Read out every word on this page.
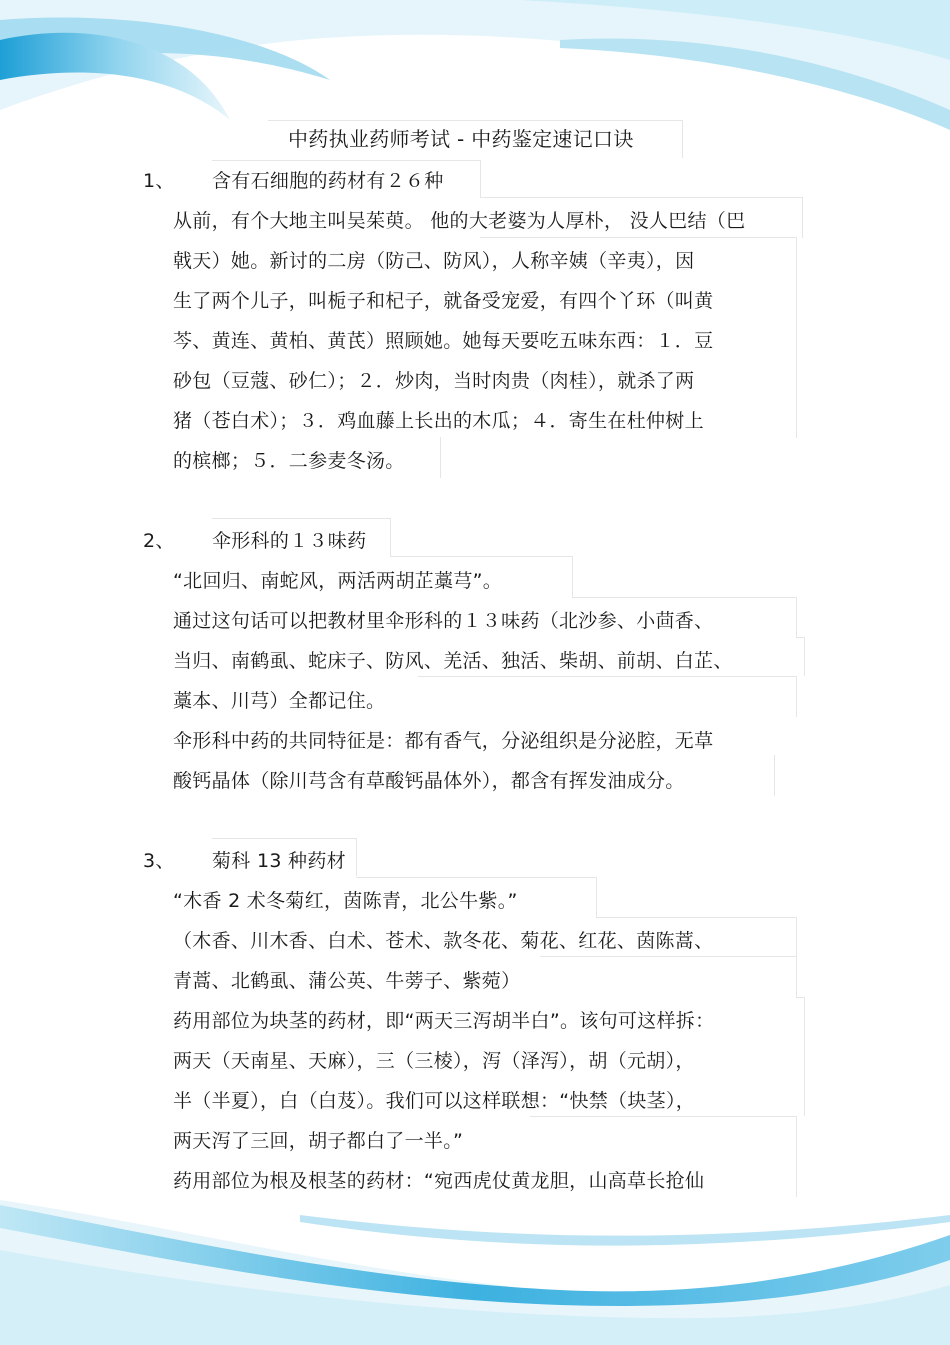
中药执业药师考试 - 中药鉴定速记口诀
1、 含有石细胞的药材有２６种
从前，有个大地主叫吴茱萸。 他的大老婆为人厚朴， 没人巴结（巴
戟天）她。新讨的二房（防己、防风），人称辛姨（辛夷），因
生了两个儿子，叫栀子和杞子，就备受宠爱，有四个丫环（叫黄
芩、黄连、黄柏、黄芪）照顾她。她每天要吃五味东西：１．豆
砂包（豆蔻、砂仁）；２．炒肉，当时肉贵（肉桂），就杀了两
猪（苍白术）；３．鸡血藤上长出的木瓜；４．寄生在杜仲树上
的槟榔；５．二参麦冬汤。
2、 伞形科的１３味药
“北回归、南蛇风，两活两胡芷藁芎”。
通过这句话可以把教材里伞形科的１３味药（北沙参、小茴香、
当归、南鹤虱、蛇床子、防风、羌活、独活、柴胡、前胡、白芷、
藁本、川芎）全都记住。
伞形科中药的共同特征是：都有香气，分泌组织是分泌腔，无草
酸钙晶体（除川芎含有草酸钙晶体外），都含有挥发油成分。
3、 菊科 13 种药材
“木香 2 术冬菊红，茵陈青，北公牛紫。”
（木香、川木香、白术、苍术、款冬花、菊花、红花、茵陈蒿、
青蒿、北鹤虱、蒲公英、牛蒡子、紫菀）
药用部位为块茎的药材，即“两天三泻胡半白”。该句可这样拆：
两天（天南星、天麻），三（三棱），泻（泽泻），胡（元胡），
半（半夏），白（白芨）。我们可以这样联想：“快禁（块茎），
两天泻了三回，胡子都白了一半。”
药用部位为根及根茎的药材：“宛西虎仗黄龙胆，山高草长抢仙
